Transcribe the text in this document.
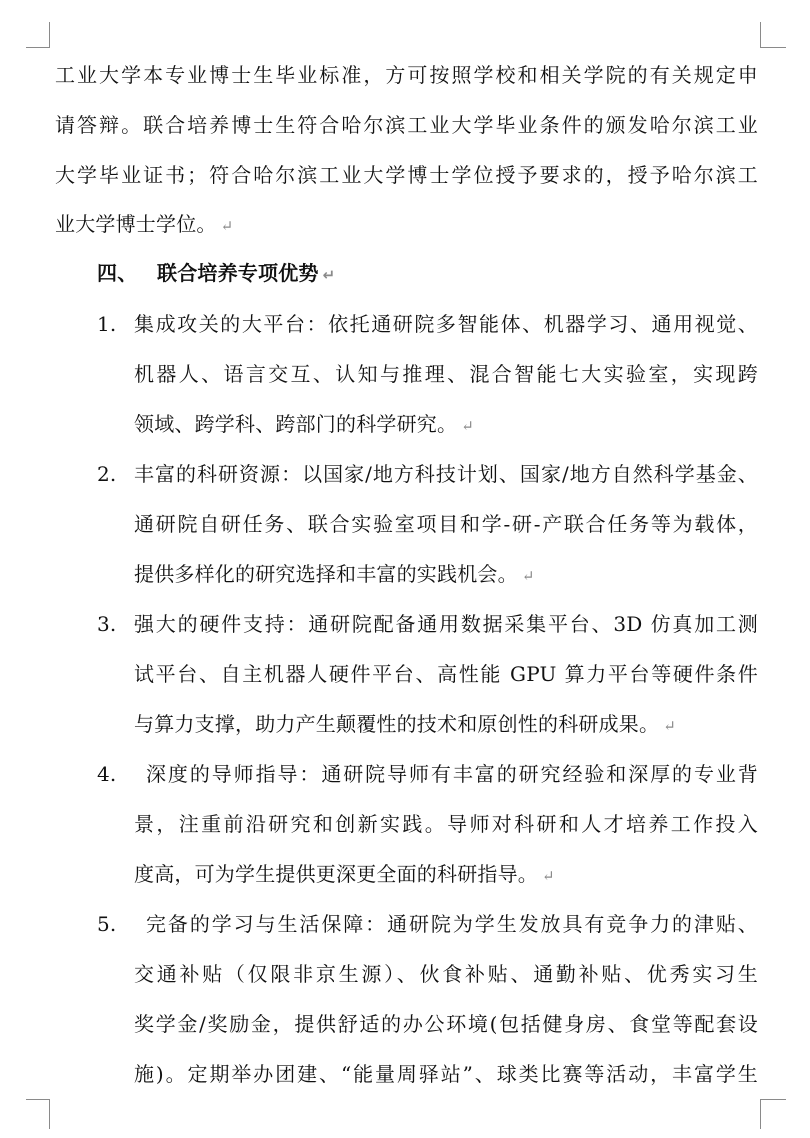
工业大学本专业博士生毕业标准，方可按照学校和相关学院的有关规定申
请答辩。联合培养博士生符合哈尔滨工业大学毕业条件的颁发哈尔滨工业
大学毕业证书；符合哈尔滨工业大学博士学位授予要求的，授予哈尔滨工
业大学博士学位。 ↵
四、 联合培养专项优势 ↵
1. 集成攻关的大平台：依托通研院多智能体、机器学习、通用视觉、
机器人、语言交互、认知与推理、混合智能七大实验室，实现跨
领域、跨学科、跨部门的科学研究。 ↵
2. 丰富的科研资源：以国家/地方科技计划、国家/地方自然科学基金、
通研院自研任务、联合实验室项目和学-研-产联合任务等为载体，
提供多样化的研究选择和丰富的实践机会。 ↵
3. 强大的硬件支持：通研院配备通用数据采集平台、3D 仿真加工测
试平台、自主机器人硬件平台、高性能 GPU 算力平台等硬件条件
与算力支撑，助力产生颠覆性的技术和原创性的科研成果。 ↵
4.	深度的导师指导：通研院导师有丰富的研究经验和深厚的专业背
景，注重前沿研究和创新实践。导师对科研和人才培养工作投入
度高，可为学生提供更深更全面的科研指导。 ↵
5.	完备的学习与生活保障：通研院为学生发放具有竞争力的津贴、
交通补贴（仅限非京生源）、伙食补贴、通勤补贴、优秀实习生
奖学金/奖励金，提供舒适的办公环境(包括健身房、食堂等配套设
施)。定期举办团建、“能量周驿站”、球类比赛等活动，丰富学生
